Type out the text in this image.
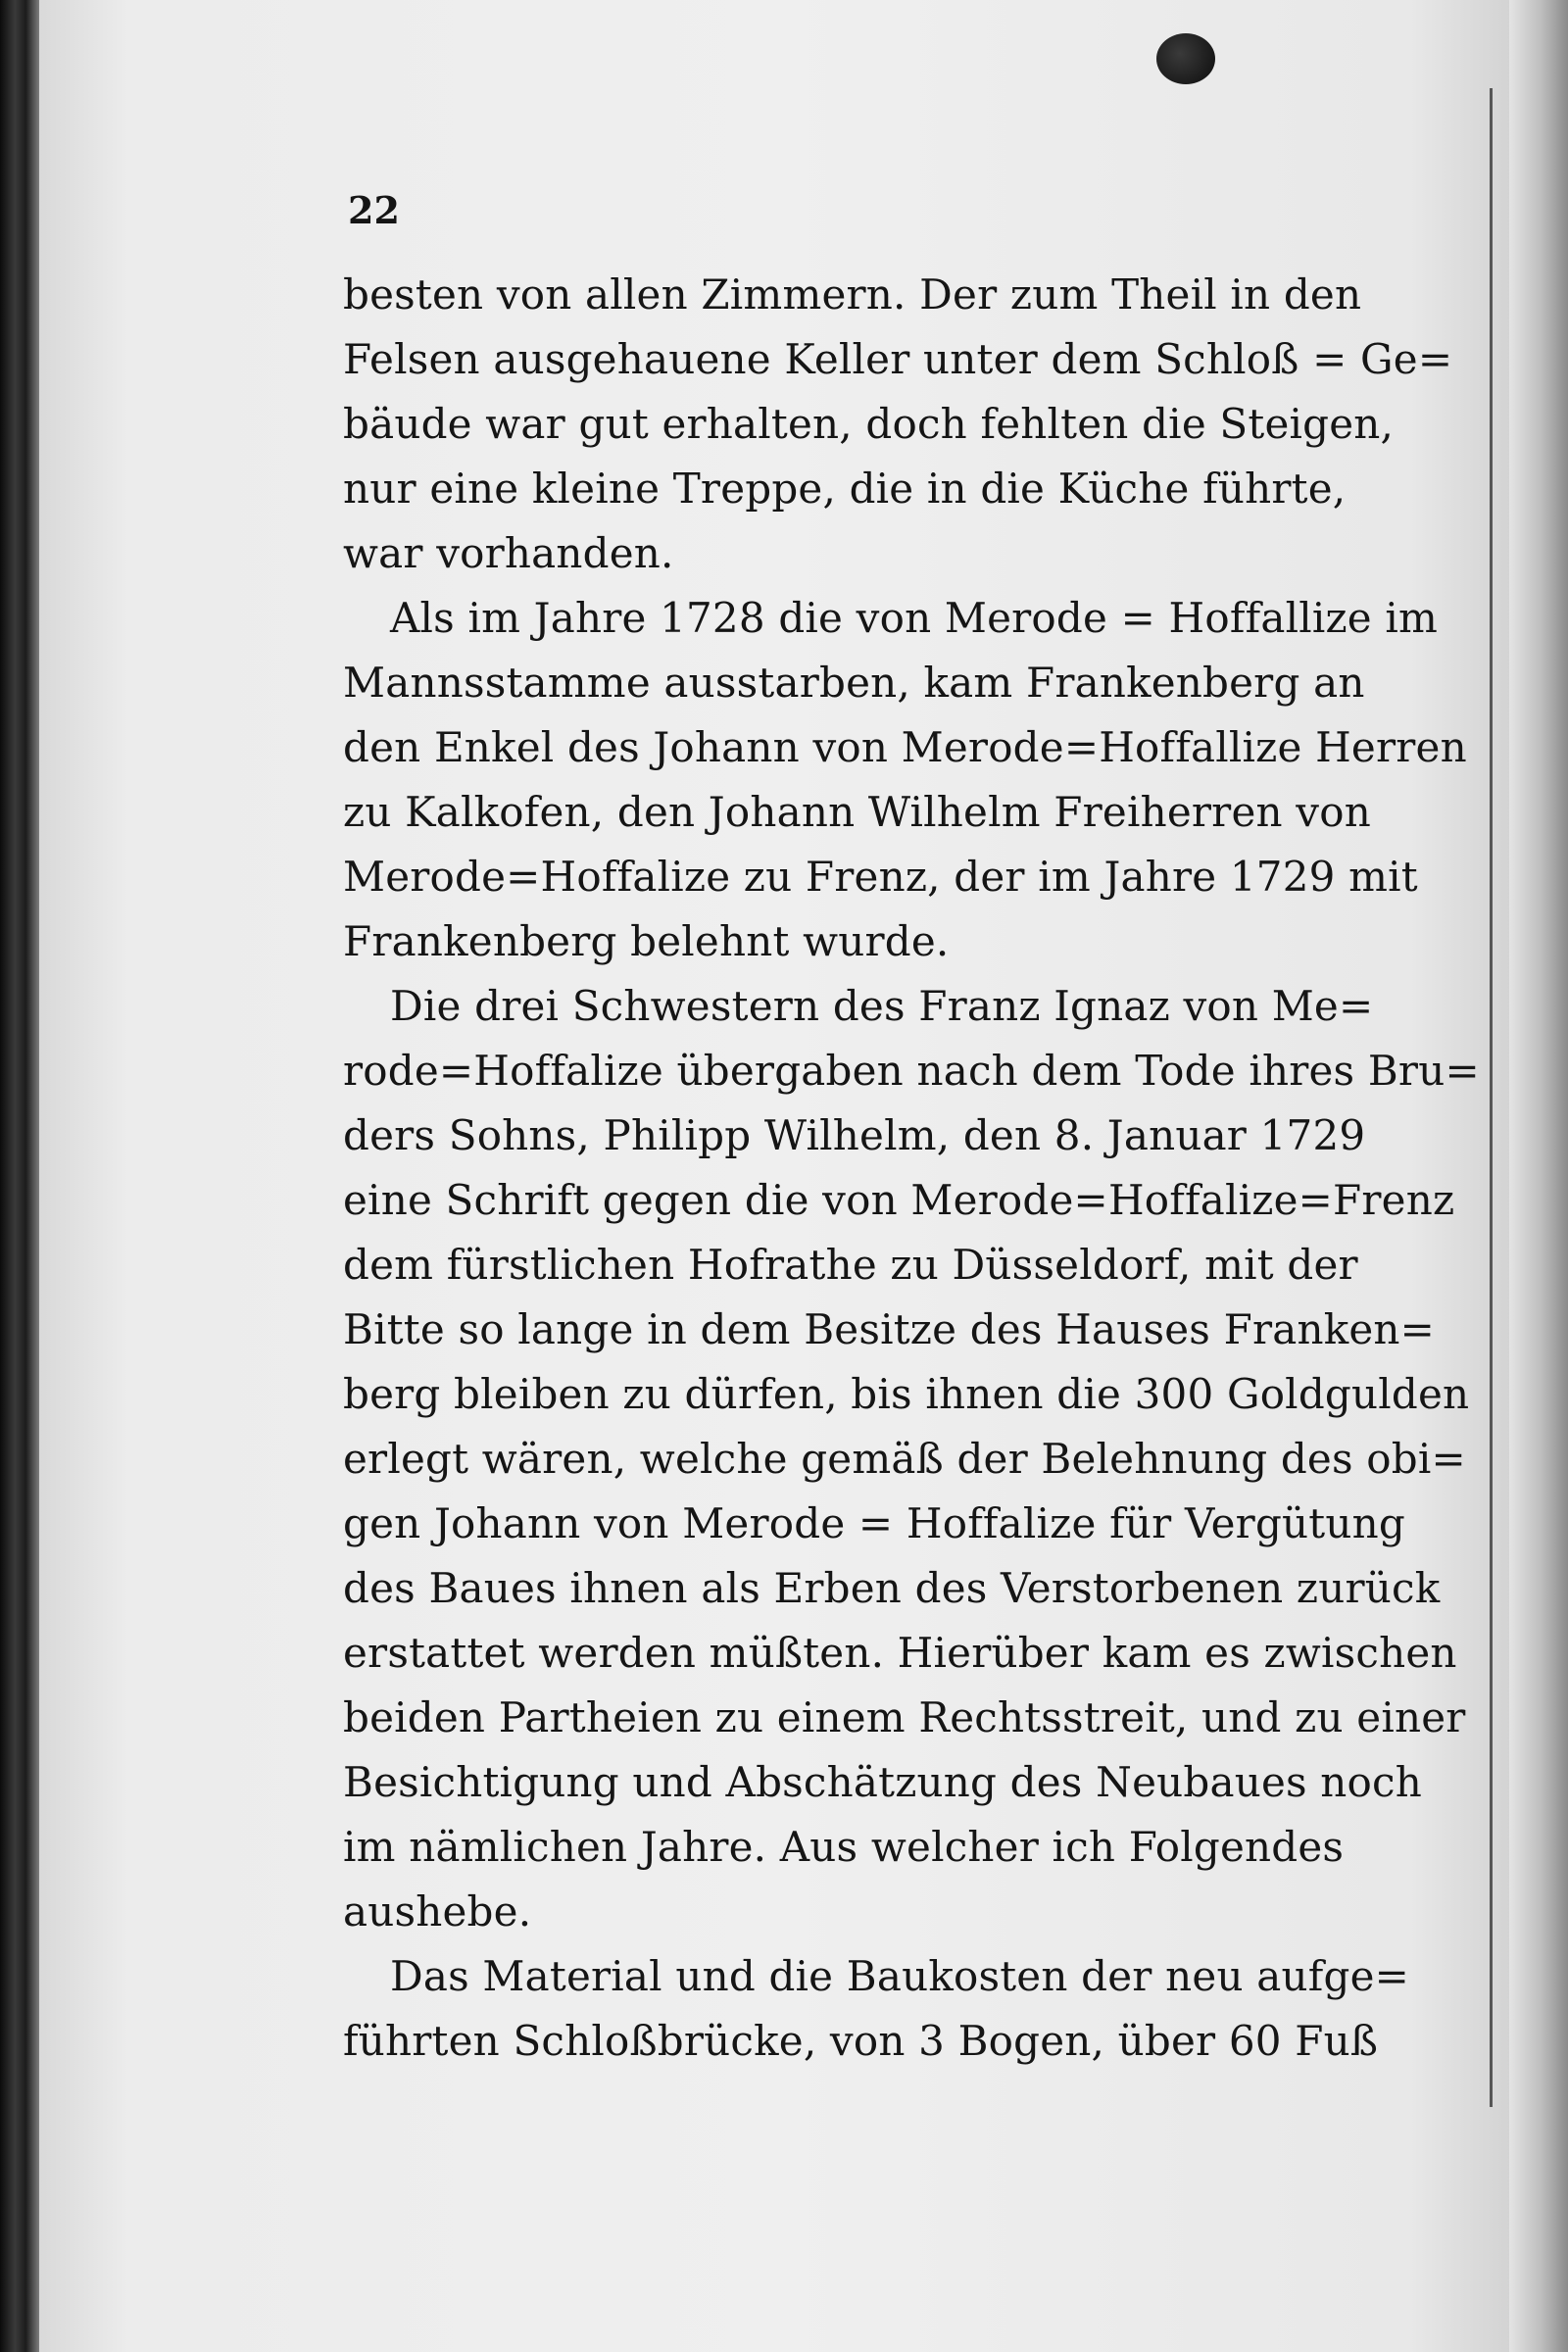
22
besten von allen Zimmern. Der zum Theil in den
Felsen ausgehauene Keller unter dem Schloß = Ge=
bäude war gut erhalten, doch fehlten die Steigen,
nur eine kleine Treppe, die in die Küche führte,
war vorhanden.
Als im Jahre 1728 die von Merode = Hoffallize im
Mannsstamme ausstarben, kam Frankenberg an
den Enkel des Johann von Merode=Hoffallize Herren
zu Kalkofen, den Johann Wilhelm Freiherren von
Merode=Hoffalize zu Frenz, der im Jahre 1729 mit
Frankenberg belehnt wurde.
Die drei Schwestern des Franz Ignaz von Me=
rode=Hoffalize übergaben nach dem Tode ihres Bru=
ders Sohns, Philipp Wilhelm, den 8. Januar 1729
eine Schrift gegen die von Merode=Hoffalize=Frenz
dem fürstlichen Hofrathe zu Düsseldorf, mit der
Bitte so lange in dem Besitze des Hauses Franken=
berg bleiben zu dürfen, bis ihnen die 300 Goldgulden
erlegt wären, welche gemäß der Belehnung des obi=
gen Johann von Merode = Hoffalize für Vergütung
des Baues ihnen als Erben des Verstorbenen zurück
erstattet werden müßten. Hierüber kam es zwischen
beiden Partheien zu einem Rechtsstreit, und zu einer
Besichtigung und Abschätzung des Neubaues noch
im nämlichen Jahre. Aus welcher ich Folgendes
aushebe.
Das Material und die Baukosten der neu aufge=
führten Schloßbrücke, von 3 Bogen, über 60 Fuß
